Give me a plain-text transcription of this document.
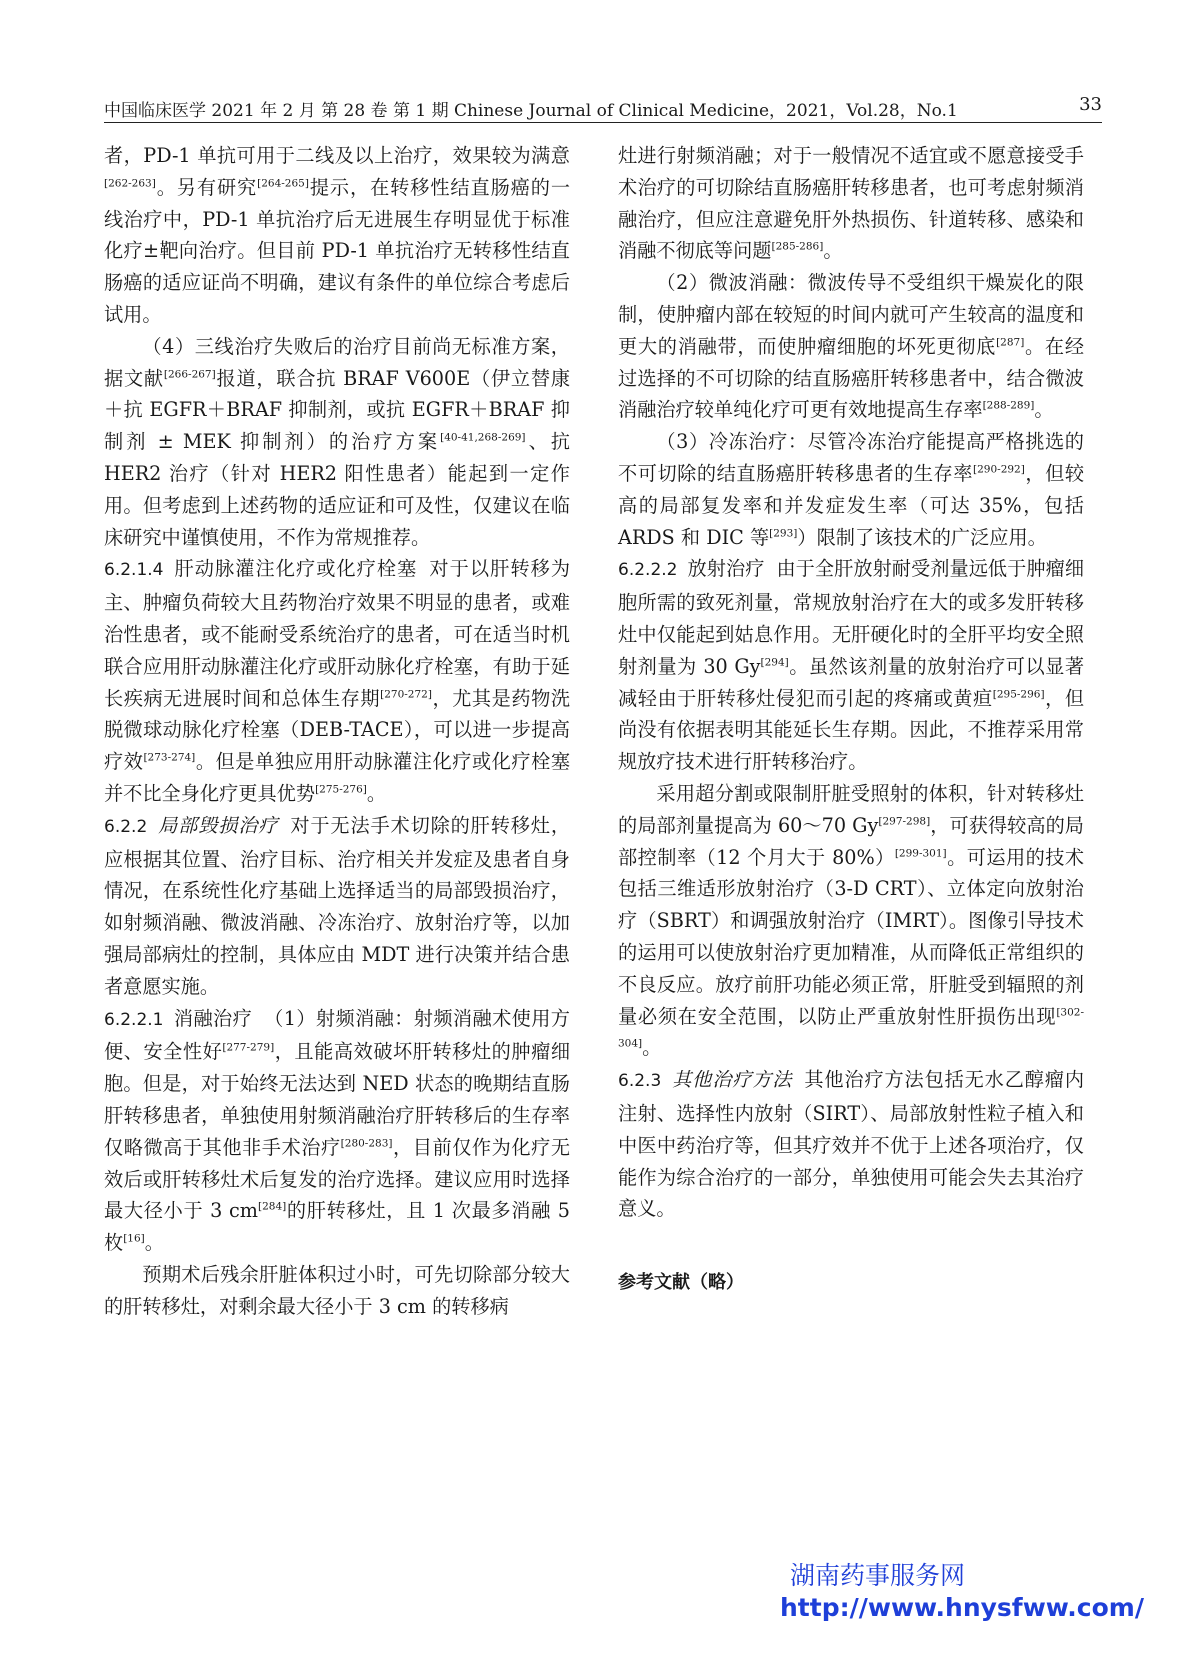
中国临床医学 2021 年 2 月 第 28 卷 第 1 期 Chinese Journal of Clinical Medicine，2021，Vol.28，No.1	33

者，PD-1 单抗可用于二线及以上治疗，效果较为满意[262-263]。另有研究[264-265]提示，在转移性结直肠癌的一线治疗中，PD-1 单抗治疗后无进展生存明显优于标准化疗±靶向治疗。但目前 PD-1 单抗治疗无转移性结直肠癌的适应证尚不明确，建议有条件的单位综合考虑后试用。

（4）三线治疗失败后的治疗目前尚无标准方案，据文献[266-267]报道，联合抗 BRAF V600E（伊立替康＋抗 EGFR＋BRAF 抑制剂，或抗 EGFR＋BRAF 抑制剂 ± MEK 抑制剂）的治疗方案[40-41,268-269]、抗 HER2 治疗（针对 HER2 阳性患者）能起到一定作用。但考虑到上述药物的适应证和可及性，仅建议在临床研究中谨慎使用，不作为常规推荐。

6.2.1.4 肝动脉灌注化疗或化疗栓塞 对于以肝转移为主、肿瘤负荷较大且药物治疗效果不明显的患者，或难治性患者，或不能耐受系统治疗的患者，可在适当时机联合应用肝动脉灌注化疗或肝动脉化疗栓塞，有助于延长疾病无进展时间和总体生存期[270-272]，尤其是药物洗脱微球动脉化疗栓塞（DEB-TACE），可以进一步提高疗效[273-274]。但是单独应用肝动脉灌注化疗或化疗栓塞并不比全身化疗更具优势[275-276]。

6.2.2 局部毁损治疗 对于无法手术切除的肝转移灶，应根据其位置、治疗目标、治疗相关并发症及患者自身情况，在系统性化疗基础上选择适当的局部毁损治疗，如射频消融、微波消融、冷冻治疗、放射治疗等，以加强局部病灶的控制，具体应由 MDT 进行决策并结合患者意愿实施。

6.2.2.1 消融治疗 （1）射频消融：射频消融术使用方便、安全性好[277-279]，且能高效破坏肝转移灶的肿瘤细胞。但是，对于始终无法达到 NED 状态的晚期结直肠肝转移患者，单独使用射频消融治疗肝转移后的生存率仅略微高于其他非手术治疗[280-283]，目前仅作为化疗无效后或肝转移灶术后复发的治疗选择。建议应用时选择最大径小于 3 cm[284]的肝转移灶，且 1 次最多消融 5 枚[16]。

预期术后残余肝脏体积过小时，可先切除部分较大的肝转移灶，对剩余最大径小于 3 cm 的转移病

灶进行射频消融；对于一般情况不适宜或不愿意接受手术治疗的可切除结直肠癌肝转移患者，也可考虑射频消融治疗，但应注意避免肝外热损伤、针道转移、感染和消融不彻底等问题[285-286]。

（2）微波消融：微波传导不受组织干燥炭化的限制，使肿瘤内部在较短的时间内就可产生较高的温度和更大的消融带，而使肿瘤细胞的坏死更彻底[287]。在经过选择的不可切除的结直肠癌肝转移患者中，结合微波消融治疗较单纯化疗可更有效地提高生存率[288-289]。

（3）冷冻治疗：尽管冷冻治疗能提高严格挑选的不可切除的结直肠癌肝转移患者的生存率[290-292]，但较高的局部复发率和并发症发生率（可达 35%，包括 ARDS 和 DIC 等[293]）限制了该技术的广泛应用。

6.2.2.2 放射治疗 由于全肝放射耐受剂量远低于肿瘤细胞所需的致死剂量，常规放射治疗在大的或多发肝转移灶中仅能起到姑息作用。无肝硬化时的全肝平均安全照射剂量为 30 Gy[294]。虽然该剂量的放射治疗可以显著减轻由于肝转移灶侵犯而引起的疼痛或黄疸[295-296]，但尚没有依据表明其能延长生存期。因此，不推荐采用常规放疗技术进行肝转移治疗。

采用超分割或限制肝脏受照射的体积，针对转移灶的局部剂量提高为 60～70 Gy[297-298]，可获得较高的局部控制率（12 个月大于 80%）[299-301]。可运用的技术包括三维适形放射治疗（3-D CRT）、立体定向放射治疗（SBRT）和调强放射治疗（IMRT）。图像引导技术的运用可以使放射治疗更加精准，从而降低正常组织的不良反应。放疗前肝功能必须正常，肝脏受到辐照的剂量必须在安全范围，以防止严重放射性肝损伤出现[302-304]。

6.2.3 其他治疗方法 其他治疗方法包括无水乙醇瘤内注射、选择性内放射（SIRT）、局部放射性粒子植入和中医中药治疗等，但其疗效并不优于上述各项治疗，仅能作为综合治疗的一部分，单独使用可能会失去其治疗意义。

参考文献（略）

湖南药事服务网
http://www.hnysfww.com/
